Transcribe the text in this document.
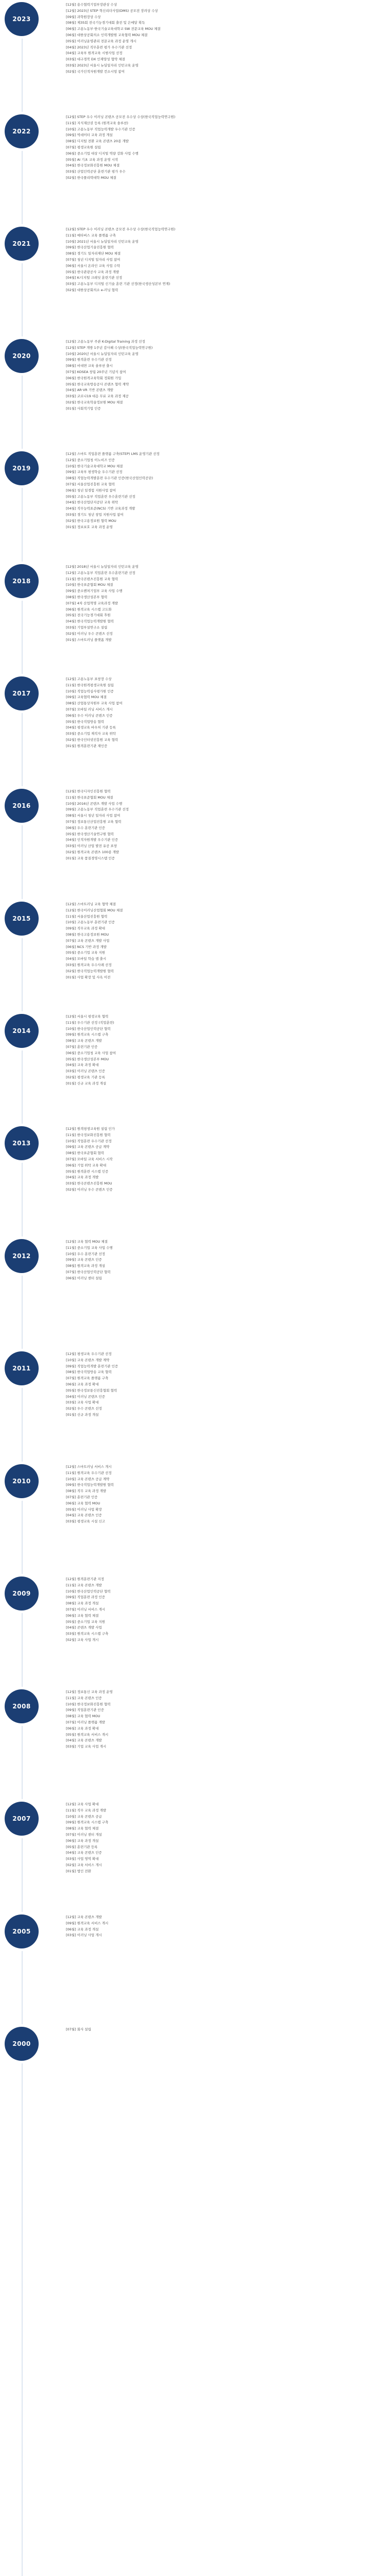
2023
[12월] 용수협력기업부장관상 수상
[12월] 2023년 STEP 혁신리더사업(DMS) 공모전 장려상 수상
[09월] 과학원장상 수상
[08월] 제35회 전국기능경기대회 출전 및 은메달 획득
[06월] 고용노동부·한국기술교육대학교 SW 전문교육 MOU 체결
[06월] 대한상공회의소 인력개발원 교육협력 MOU 체결
[05월] 이러닝운영관리 전문교육 과정 운영 개시
[04월] 2023년 직무훈련 평가 우수기관 선정
[04월] 교육부 원격교육 시범사업 선정
[03월] 대구경북 DX 인재양성 협약 체결
[03월] 2023년 서울시 뉴딜일자리 인턴교육 운영
[02월] 국가인적자원개발 컨소시엄 참여
2022
[12월] STEP 우수 이러닝 콘텐츠 공모전 우수상 수상(한국직업능력연구원)
[11월] 지식재산권 등록 (원격교육 솔루션)
[10월] 고용노동부 직업능력개발 우수기관 인증
[09월] 빅데이터 교육 과정 개설
[08월] 디지털 전환 교육 콘텐츠 20종 개발
[07월] 평생교육원 설립
[06월] 중소기업 대상 디지털 역량 강화 사업 수행
[05월] AI 기초 교육 과정 운영 시작
[04월] 한국정보화진흥원 MOU 체결
[03월] 산업인력공단 훈련기관 평가 우수
[02월] 한국폴리텍대학 MOU 체결
2021
[12월] STEP 우수 이러닝 콘텐츠 공모전 우수상 수상(한국직업능력연구원)
[11월] 메타버스 교육 플랫폼 구축
[10월] 2021년 서울시 뉴딜일자리 인턴교육 운영
[09월] 한국산업기술진흥원 협력
[08월] 경기도 일자리재단 MOU 체결
[07월] 청년 디지털 일자리 사업 참여
[06월] 서울시 온라인 교육 사업 수탁
[05월] 한국관광공사 교육 과정 개발
[04월] K-디지털 크레딧 훈련기관 선정
[03월] 고용노동부 디지털 신기술 훈련 기관 선정(한국생산성본부 연계)
[02월] 대한상공회의소 e-러닝 협력
2020
[12월] 고용노동부 주관 K-Digital Training 과정 선정
[12월] STEP 개방 1주년 감사패 수상(한국직업능력연구원)
[10월] 2020년 서울시 뉴딜일자리 인턴교육 운영
[09월] 원격훈련 우수기관 선정
[08월] 비대면 교육 솔루션 출시
[07월] KOSEA 창립 20주년 기념식 참여
[06월] 한국원격교육학회 정회원 가입
[05월] 한국교육방송공사 콘텐츠 협력 계약
[04월] AR·VR 기반 콘텐츠 개발
[03월] 코로나19 대응 무료 교육 과정 제공
[02월] 한국교육학술정보원 MOU 체결
[01월] 사회적기업 인증
2019
[12월] 스마트 직업훈련 플랫폼 구축(STEP) LMS 운영기관 선정
[12월] 중소기업청 이노비즈 인증
[10월] 한국기술교육대학교 MOU 체결
[09월] 교육부 평생학습 우수기관 선정
[08월] 직업능력개발훈련 우수기관 인증(한국산업인력공단)
[07월] 서울산업진흥원 교육 협력
[06월] 청년 일경험 지원사업 참여
[05월] 고용노동부 직업훈련 우수훈련기관 선정
[04월] 한국산업단지공단 교육 위탁
[04월] 직무능력표준(NCS) 기반 교육과정 개발
[03월] 경기도 청년 창업 지원사업 참여
[02월] 한국고용정보원 협력 MOU
[01월] 정보보호 교육 과정 운영
2018
[12월] 2018년 서울시 뉴딜일자리 인턴교육 운영
[12월] 고용노동부 직업훈련 우수훈련기관 선정
[11월] 한국콘텐츠진흥원 교육 협력
[10월] 한국표준협회 MOU 체결
[09월] 중소벤처기업부 교육 사업 수행
[08월] 한국생산성본부 협력
[07월] 4차 산업혁명 교육과정 개발
[06월] 원격교육 시스템 고도화
[05월] 전국기능경기대회 후원
[04월] 한국직업능력개발원 협력
[03월] 기업부설연구소 설립
[02월] 이러닝 우수 콘텐츠 선정
[01월] 스마트러닝 플랫폼 개발
2017
[12월] 고용노동부 표창장 수상
[11월] 한국원격평생교육원 설립
[10월] 직업능력심사평가원 인증
[09월] 교육협력 MOU 체결
[08월] 산업통상자원부 교육 사업 참여
[07월] 모바일 러닝 서비스 개시
[06월] 우수 이러닝 콘텐츠 인증
[05월] 한국직업방송 협력
[04월] 평생교육 바우처 기관 등록
[03월] 중소기업 재직자 교육 위탁
[02월] 한국인터넷진흥원 교육 협력
[01월] 원격훈련기관 재인증
2016
[12월] 한국디자인진흥원 협력
[11월] 한국표준협회 MOU 체결
[10월] 2016년 콘텐츠 개발 사업 수행
[09월] 고용노동부 직업훈련 우수기관 선정
[08월] 서울시 청년 일자리 사업 참여
[07월] 정보통신산업진흥원 교육 협력
[06월] 우수 훈련기관 인증
[05월] 한국생산기술연구원 협력
[04월] 인적자원개발 우수기관 인증
[03월] 이러닝 산업 발전 유공 표창
[02월] 원격교육 콘텐츠 100종 개발
[01월] 교육 품질경영시스템 인증
2015
[12월] 스마트러닝 교육 협약 체결
[12월] 한국이러닝산업협회 MOU 체결
[11월] 서울산업진흥원 협력
[10월] 고용노동부 훈련기관 인증
[09월] 직무교육 과정 확대
[08월] 한국고용정보원 MOU
[07월] 교육 콘텐츠 개발 사업
[06월] NCS 기반 과정 개발
[05월] 중소기업 교육 지원
[04월] 모바일 학습 앱 출시
[03월] 원격교육 우수사례 선정
[02월] 한국직업능력개발원 협력
[01월] 사업 확장 및 사옥 이전
2014
[12월] 서울시 평생교육 협력
[11월] 우수기관 선정 (직업훈련)
[10월] 한국산업인력공단 협력
[09월] 원격교육 시스템 구축
[08월] 교육 콘텐츠 개발
[07월] 훈련기관 인증
[06월] 중소기업청 교육 사업 참여
[05월] 한국생산성본부 MOU
[04월] 교육 과정 확대
[03월] 이러닝 콘텐츠 인증
[02월] 평생교육 기관 등록
[01월] 신규 교육 과정 개설
2013
[12월] 원격평생교육원 설립 인가
[11월] 한국정보화진흥원 협력
[10월] 직업훈련 우수기관 선정
[09월] 교육 콘텐츠 공급 계약
[08월] 한국표준협회 협력
[07월] 모바일 교육 서비스 시작
[06월] 기업 위탁 교육 확대
[05월] 원격훈련 시스템 인증
[04월] 교육 과정 개발
[03월] 한국콘텐츠진흥원 MOU
[02월] 이러닝 우수 콘텐츠 인증
2012
[12월] 교육 협력 MOU 체결
[11월] 중소기업 교육 사업 수행
[10월] 우수 훈련기관 선정
[09월] 교육 콘텐츠 인증
[08월] 원격교육 과정 개설
[07월] 한국산업인력공단 협력
[06월] 이러닝 센터 설립
2011
[12월] 평생교육 우수기관 선정
[10월] 교육 콘텐츠 개발 계약
[09월] 직업능력개발 훈련기관 인증
[08월] 한국직업방송 교육 협력
[07월] 원격교육 플랫폼 구축
[06월] 교육 과정 확대
[05월] 한국정보통신진흥협회 협력
[04월] 이러닝 콘텐츠 인증
[03월] 교육 사업 확대
[02월] 우수 콘텐츠 선정
[01월] 신규 과정 개설
2010
[12월] 스마트러닝 서비스 개시
[11월] 원격교육 우수기관 선정
[10월] 교육 콘텐츠 공급 계약
[09월] 한국직업능력개발원 협력
[08월] 직무 교육 과정 개발
[07월] 훈련기관 인증
[06월] 교육 협력 MOU
[05월] 이러닝 사업 확장
[04월] 교육 콘텐츠 인증
[03월] 평생교육 시설 신고
2009
[12월] 원격훈련기관 지정
[11월] 교육 콘텐츠 개발
[10월] 한국산업인력공단 협력
[09월] 직업훈련 과정 인증
[08월] 교육 과정 개설
[07월] 이러닝 서비스 개시
[06월] 교육 협력 체결
[05월] 중소기업 교육 지원
[04월] 콘텐츠 개발 사업
[03월] 원격교육 시스템 구축
[02월] 교육 사업 개시
2008
[12월] 정보통신 교육 과정 운영
[11월] 교육 콘텐츠 인증
[10월] 한국정보화진흥원 협력
[09월] 직업훈련기관 인증
[08월] 교육 협력 MOU
[07월] 이러닝 플랫폼 개발
[06월] 교육 과정 확대
[05월] 원격교육 서비스 개시
[04월] 교육 콘텐츠 개발
[03월] 기업 교육 사업 개시
2007
[12월] 교육 사업 확대
[11월] 직무 교육 과정 개발
[10월] 교육 콘텐츠 공급
[09월] 원격교육 시스템 구축
[08월] 교육 협력 체결
[07월] 이러닝 센터 개설
[06월] 교육 과정 개설
[05월] 훈련기관 등록
[04월] 교육 콘텐츠 인증
[03월] 사업 영역 확대
[02월] 교육 서비스 개시
[01월] 법인 전환
2005
[12월] 교육 콘텐츠 개발
[09월] 원격교육 서비스 개시
[06월] 교육 과정 개설
[03월] 이러닝 사업 개시
2000
[07월] 회사 설립
